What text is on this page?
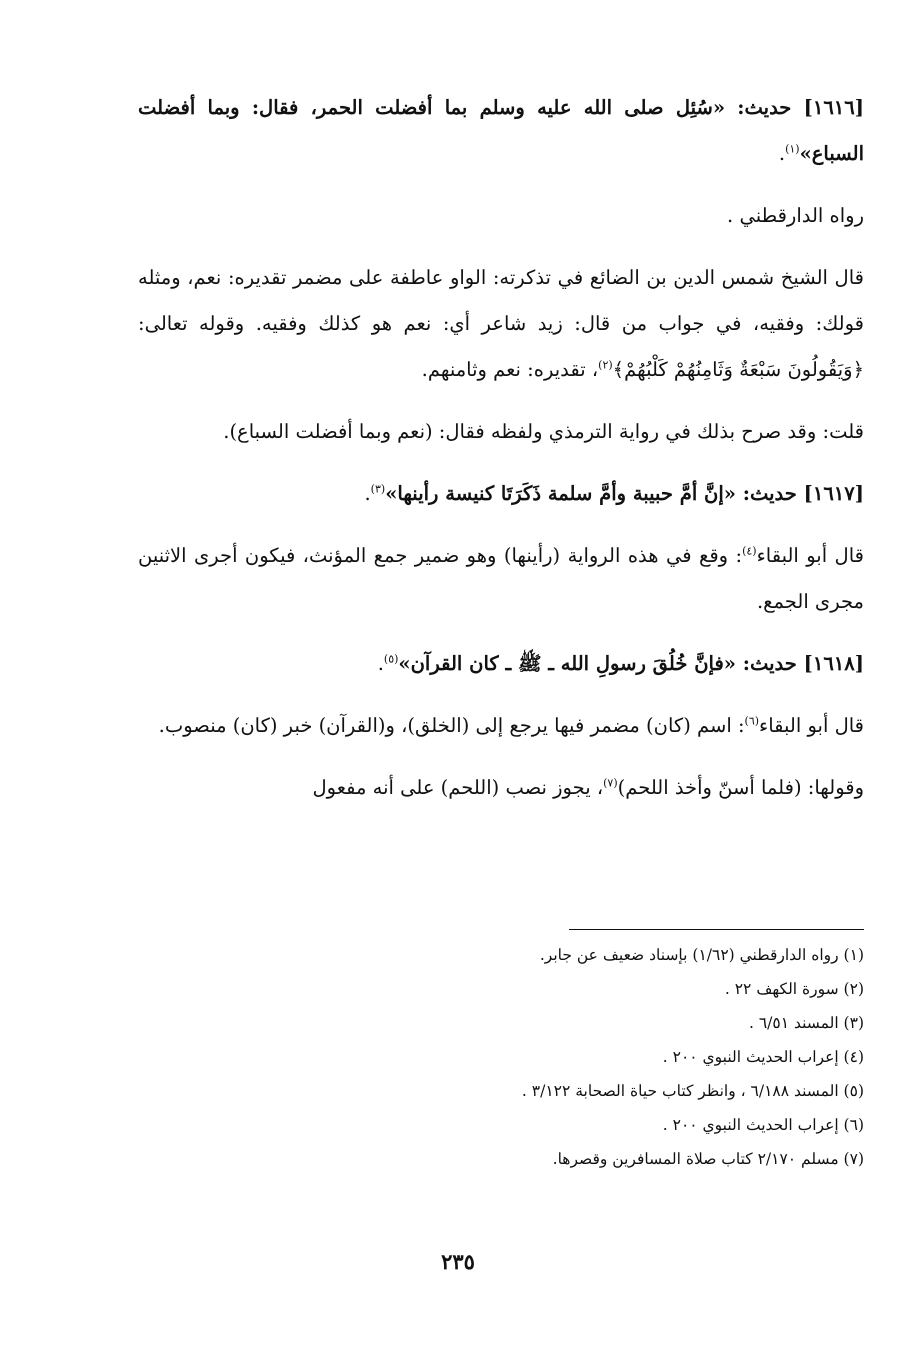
[١٦١٦] حديث: «سُئِل صلى الله عليه وسلم بما أفضلت الحمر، فقال: وبما أفضلت السباع»$^{(١)}$.

رواه الدارقطني .

قال الشيخ شمس الدين بن الضائع في تذكرته: الواو عاطفة على مضمر تقديره: نعم، ومثله قولك: وفقيه، في جواب من قال: زيد شاعر أي: نعم هو كذلك وفقيه. وقوله تعالى: ﴿وَيَقُولُونَ سَبْعَةٌ وَثَامِنُهُمْ كَلْبُهُمْ﴾$^{(٢)}$، تقديره: نعم وثامنهم.

قلت: وقد صرح بذلك في رواية الترمذي ولفظه فقال: (نعم وبما أفضلت السباع).

[١٦١٧] حديث: «إنَّ أمَّ حبيبة وأمَّ سلمة ذَكَرَتَا كنيسة رأينها»$^{(٣)}$.

قال أبو البقاء$^{(٤)}$: وقع في هذه الرواية (رأينها) وهو ضمير جمع المؤنث، فيكون أجرى الاثنين مجرى الجمع.

[١٦١٨] حديث: «فإنَّ خُلُقَ رسولِ الله ـ ﷺ ـ كان القرآن»$^{(٥)}$.

قال أبو البقاء$^{(٦)}$: اسم (كان) مضمر فيها يرجع إلى (الخلق)، و(القرآن) خبر (كان) منصوب.

وقولها: (فلما أسنّ وأخذ اللحم)$^{(٧)}$، يجوز نصب (اللحم) على أنه مفعول

(١) رواه الدارقطني (١/٦٢) بإسناد ضعيف عن جابر.

(٢) سورة الكهف ٢٢ .

(٣) المسند ٦/٥١ .

(٤) إعراب الحديث النبوي ٢٠٠ .

(٥) المسند ٦/١٨٨ ، وانظر كتاب حياة الصحابة ٣/١٢٢ .

(٦) إعراب الحديث النبوي ٢٠٠ .

(٧) مسلم ٢/١٧٠ كتاب صلاة المسافرين وقصرها.

٢٣٥
